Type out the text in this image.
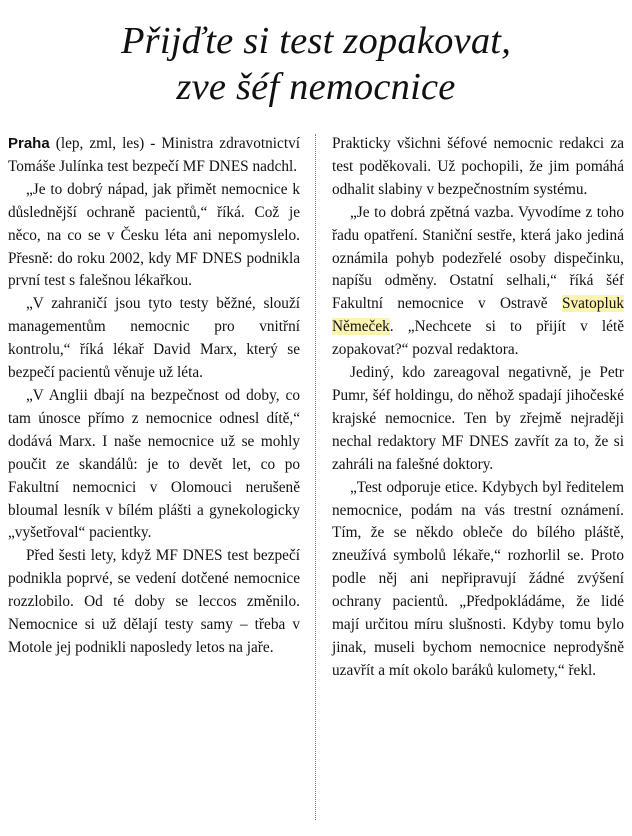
Přijďte si test zopakovat,
zve šéf nemocnice

Praha (lep, zml, les) - Ministra zdravotnictví Tomáše Julínka test bezpečí MF DNES nadchl.

„Je to dobrý nápad, jak přimět nemocnice k důslednější ochraně pacientů,“ říká. Což je něco, na co se v Česku léta ani nepomyslelo. Přesně: do roku 2002, kdy MF DNES podnikla první test s falešnou lékařkou.

„V zahraničí jsou tyto testy běžné, slouží managementům nemocnic pro vnitřní kontrolu,“ říká lékař David Marx, který se bezpečí pacientů věnuje už léta.

„V Anglii dbají na bezpečnost od doby, co tam únosce přímo z nemocnice odnesl dítě,“ dodává Marx. I naše nemocnice už se mohly poučit ze skandálů: je to devět let, co po Fakultní nemocnici v Olomouci nerušeně bloumal lesník v bílém plášti a gynekologicky „vyšetřoval“ pacientky.

Před šesti lety, když MF DNES test bezpečí podnikla poprvé, se vedení dotčené nemocnice rozzlobilo. Od té doby se leccos změnilo. Nemocnice si už dělají testy samy – třeba v Motole jej podnikli naposledy letos na jaře.

Prakticky všichni šéfové nemocnic redakci za test poděkovali. Už pochopili, že jim pomáhá odhalit slabiny v bezpečnostním systému.

„Je to dobrá zpětná vazba. Vyvodíme z toho řadu opatření. Staniční sestře, která jako jediná oznámila pohyb podezřelé osoby dispečinku, napíšu odměny. Ostatní selhali,“ říká šéf Fakultní nemocnice v Ostravě Svatopluk Němeček. „Nechcete si to přijít v létě zopakovat?“ pozval redaktora.

Jediný, kdo zareagoval negativně, je Petr Pumr, šéf holdingu, do něhož spadají jihočeské krajské nemocnice. Ten by zřejmě nejraději nechal redaktory MF DNES zavřít za to, že si zahráli na falešné doktory.

„Test odporuje etice. Kdybych byl ředitelem nemocnice, podám na vás trestní oznámení. Tím, že se někdo obleče do bílého pláště, zneužívá symbolů lékaře,“ rozhorlil se. Proto podle něj ani nepřipravují žádné zvýšení ochrany pacientů. „Předpokládáme, že lidé mají určitou míru slušnosti. Kdyby tomu bylo jinak, museli bychom nemocnice neprodyšně uzavřít a mít okolo baráků kulomety,“ řekl.
